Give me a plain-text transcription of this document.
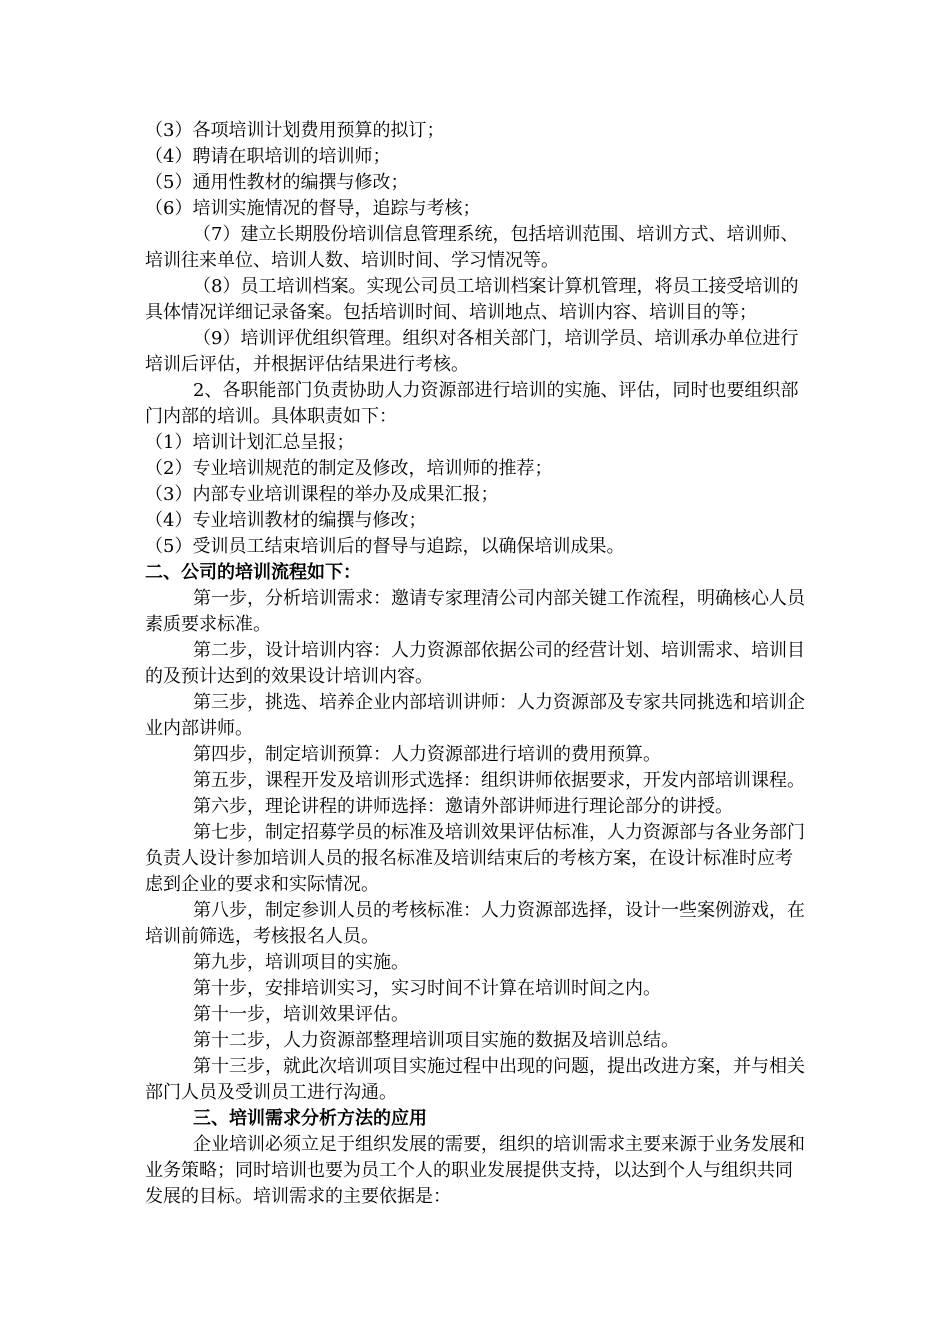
（3）各项培训计划费用预算的拟订；

（4）聘请在职培训的培训师；

（5）通用性教材的编撰与修改；

（6）培训实施情况的督导，追踪与考核；

（7）建立长期股份培训信息管理系统，包括培训范围、培训方式、培训师、培训往来单位、培训人数、培训时间、学习情况等。

（8）员工培训档案。实现公司员工培训档案计算机管理，将员工接受培训的具体情况详细记录备案。包括培训时间、培训地点、培训内容、培训目的等；

（9）培训评优组织管理。组织对各相关部门，培训学员、培训承办单位进行培训后评估，并根据评估结果进行考核。

2、各职能部门负责协助人力资源部进行培训的实施、评估，同时也要组织部门内部的培训。具体职责如下：

（1）培训计划汇总呈报；

（2）专业培训规范的制定及修改，培训师的推荐；

（3）内部专业培训课程的举办及成果汇报；

（4）专业培训教材的编撰与修改；

（5）受训员工结束培训后的督导与追踪，以确保培训成果。

二、公司的培训流程如下：

第一步，分析培训需求：邀请专家理清公司内部关键工作流程，明确核心人员素质要求标准。

第二步，设计培训内容：人力资源部依据公司的经营计划、培训需求、培训目的及预计达到的效果设计培训内容。

第三步，挑选、培养企业内部培训讲师：人力资源部及专家共同挑选和培训企业内部讲师。

第四步，制定培训预算：人力资源部进行培训的费用预算。

第五步，课程开发及培训形式选择：组织讲师依据要求，开发内部培训课程。

第六步，理论讲程的讲师选择：邀请外部讲师进行理论部分的讲授。

第七步，制定招募学员的标准及培训效果评估标准，人力资源部与各业务部门负责人设计参加培训人员的报名标准及培训结束后的考核方案，在设计标准时应考虑到企业的要求和实际情况。

第八步，制定参训人员的考核标准：人力资源部选择，设计一些案例游戏，在培训前筛选，考核报名人员。

第九步，培训项目的实施。

第十步，安排培训实习，实习时间不计算在培训时间之内。

第十一步，培训效果评估。

第十二步，人力资源部整理培训项目实施的数据及培训总结。

第十三步，就此次培训项目实施过程中出现的问题，提出改进方案，并与相关部门人员及受训员工进行沟通。

三、培训需求分析方法的应用

企业培训必须立足于组织发展的需要，组织的培训需求主要来源于业务发展和业务策略；同时培训也要为员工个人的职业发展提供支持，以达到个人与组织共同发展的目标。培训需求的主要依据是：
